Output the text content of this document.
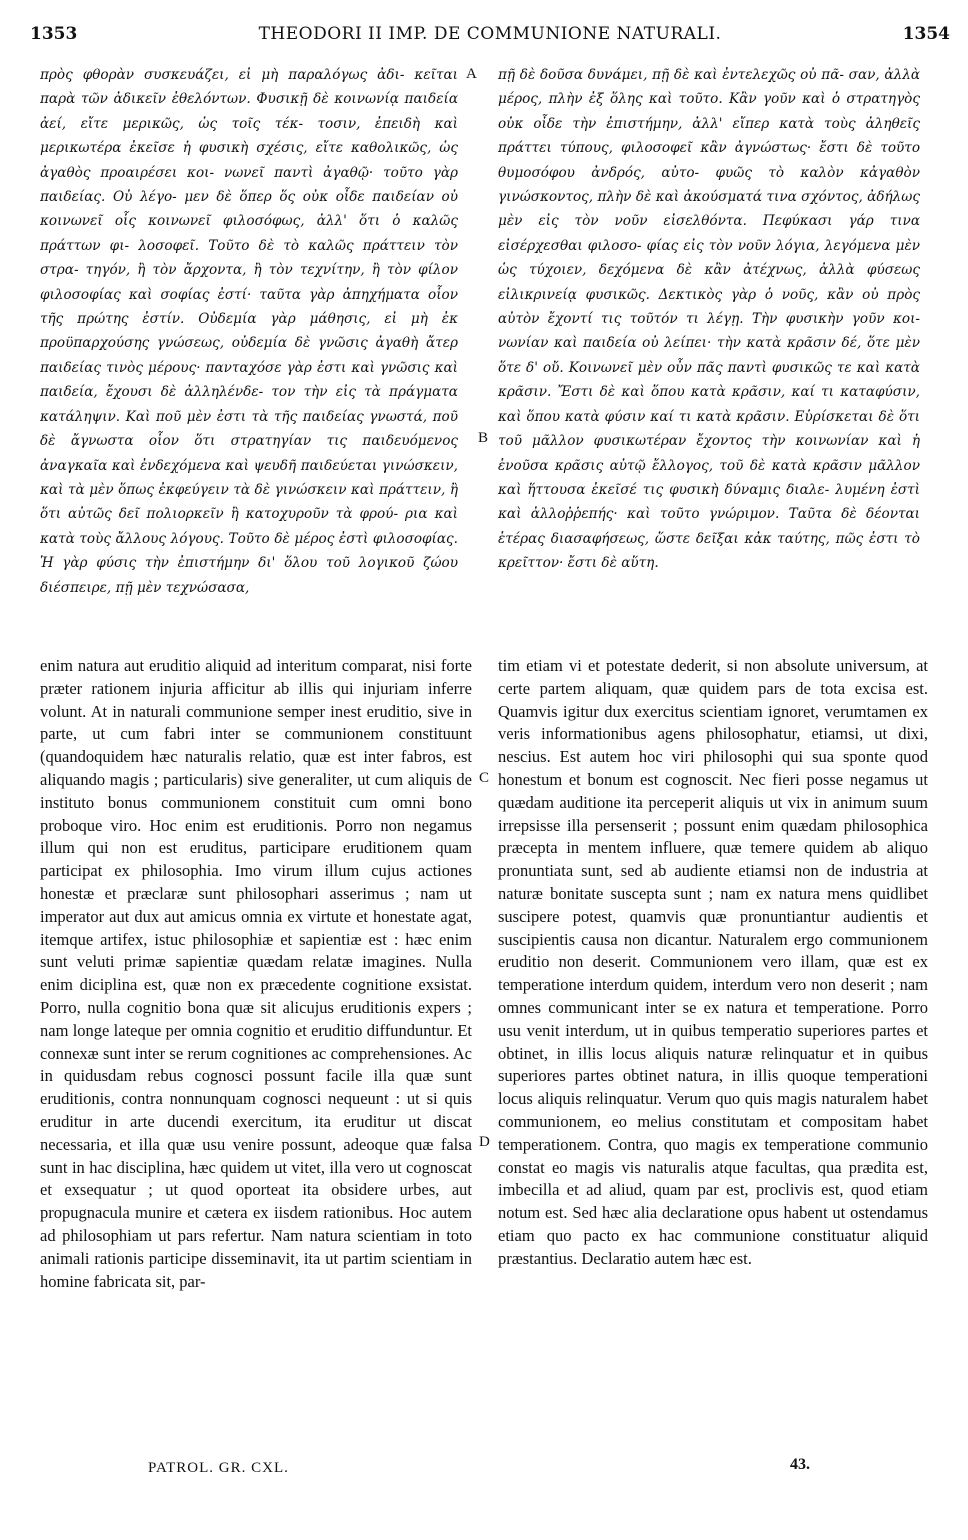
1353	THEODORI II IMP. DE COMMUNIONE NATURALI.	1354
πρὸς φθορὰν συσκευάζει, εἰ μὴ παραλόγως ἀδι- κεῖται παρὰ τῶν ἀδικεῖν ἐθελόντων. Φυσικῇ δὲ κοινωνίᾳ παιδεία ἀεί, εἴτε μερικῶς, ὡς τοῖς τέκ- τοσιν, ἐπειδὴ καὶ μερικωτέρα ἐκεῖσε ἡ φυσικὴ σχέσις, εἴτε καθολικῶς, ὡς ἀγαθὸς προαιρέσει κοι- νωνεῖ παντὶ ἀγαθῷ· τοῦτο γὰρ παιδείας. Οὐ λέγο- μεν δὲ ὅπερ ὅς οὐκ οἶδε παιδείαν οὐ κοινωνεῖ οἷς κοινωνεῖ φιλοσόφως, ἀλλ' ὅτι ὁ καλῶς πράττων φι- λοσοφεῖ. Τοῦτο δὲ τὸ καλῶς πράττειν τὸν στρα- τηγόν, ἢ τὸν ἄρχοντα, ἢ τὸν τεχνίτην, ἢ τὸν φίλον φιλοσοφίας καὶ σοφίας ἐστί· ταῦτα γὰρ ἀπηχήματα οἷον τῆς πρώτης ἐστίν. Οὐδεμία γὰρ μάθησις, εἰ μὴ ἐκ προϋπαρχούσης γνώσεως, οὐδεμία δὲ γνῶσις ἀγαθὴ ἄτερ παιδείας τινὸς μέρους· πανταχόσε γὰρ ἐστι καὶ γνῶσις καὶ παιδεία, ἔχουσι δὲ ἀλληλένδε- τον τὴν εἰς τὰ πράγματα κατάληψιν. Καὶ ποῦ μὲν ἐστι τὰ τῆς παιδείας γνωστά, ποῦ δὲ ἄγνωστα οἷον ὅτι στρατηγίαν τις παιδευόμενος ἀναγκαῖα καὶ ἐνδεχόμενα καὶ ψευδῆ παιδεύεται γινώσκειν, καὶ τὰ μὲν ὅπως ἐκφεύγειν τὰ δὲ γινώσκειν καὶ πράττειν, ἢ ὅτι αὐτῶς δεῖ πολιορκεῖν ἢ κατοχυροῦν τὰ φρού- ρια καὶ κατὰ τοὺς ἄλλους λόγους. Τοῦτο δὲ μέρος ἐστὶ φιλοσοφίας. Ἡ γὰρ φύσις τὴν ἐπιστήμην δι' ὅλου τοῦ λογικοῦ ζώου διέσπειρε, πῇ μὲν τεχνώσασα,
πῇ δὲ δοῦσα δυνάμει, πῇ δὲ καὶ ἐντελεχῶς οὐ πᾶ- σαν, ἀλλὰ μέρος, πλὴν ἐξ ὅλης καὶ τοῦτο. Κἂν γοῦν καὶ ὁ στρατηγὸς οὐκ οἶδε τὴν ἐπιστήμην, ἀλλ' εἴπερ κατὰ τοὺς ἀληθεῖς πράττει τύπους, φιλοσοφεῖ κἂν ἀγνώστως· ἔστι δὲ τοῦτο θυμοσόφου ἀνδρός, αὐτο- φυῶς τὸ καλὸν κἀγαθὸν γινώσκοντος, πλὴν δὲ καὶ ἀκούσματά τινα σχόντος, ἀδήλως μὲν εἰς τὸν νοῦν εἰσελθόντα. Πεφύκασι γάρ τινα εἰσέρχεσθαι φιλοσο- φίας εἰς τὸν νοῦν λόγια, λεγόμενα μὲν ὡς τύχοιεν, δεχόμενα δὲ κἂν ἀτέχνως, ἀλλὰ φύσεως εἰλικρινείᾳ φυσικῶς. Δεκτικὸς γὰρ ὁ νοῦς, κἂν οὐ πρὸς αὐτὸν ἔχοντί τις τοῦτόν τι λέγῃ. Τὴν φυσικὴν γοῦν κοι- νωνίαν καὶ παιδεία οὐ λείπει· τὴν κατὰ κρᾶσιν δέ, ὅτε μὲν ὅτε δ' οὔ. Κοινωνεῖ μὲν οὖν πᾶς παντὶ φυσικῶς τε καὶ κατὰ κρᾶσιν. Ἔστι δὲ καὶ ὅπου κατὰ κρᾶσιν, καί τι καταφύσιν, καὶ ὅπου κατὰ φύσιν καί τι κατὰ κρᾶσιν. Εὑρίσκεται δὲ ὅτι τοῦ μᾶλλον φυσικωτέραν ἔχοντος τὴν κοινωνίαν καὶ ἡ ἑνοῦσα κρᾶσις αὐτῷ ἔλλογος, τοῦ δὲ κατὰ κρᾶσιν μᾶλλον καὶ ἥττουσα ἐκεῖσέ τις φυσικὴ δύναμις διαλε- λυμένη ἐστὶ καὶ ἀλλοῤῥεπής· καὶ τοῦτο γνώριμον. Ταῦτα δὲ δέονται ἑτέρας διασαφήσεως, ὥστε δεῖξαι κἀκ ταύτης, πῶς ἐστι τὸ κρεῖττον· ἔστι δὲ αὕτη.
A
B
C
D
enim natura aut eruditio aliquid ad interitum comparat, nisi forte præter rationem injuria afficitur ab illis qui injuriam inferre volunt. At in naturali communione semper inest eruditio, sive in parte, ut cum fabri inter se communionem constituunt (quandoquidem hæc naturalis relatio, quæ est inter fabros, est aliquando magis ; particularis) sive generaliter, ut cum aliquis de instituto bonus communionem constituit cum omni bono proboque viro. Hoc enim est eruditionis. Porro non negamus illum qui non est eruditus, participare eruditionem quam participat ex philosophia. Imo virum illum cujus actiones honestæ et præclaræ sunt philosophari asserimus ; nam ut imperator aut dux aut amicus omnia ex virtute et honestate agat, itemque artifex, istuc philosophiæ et sapientiæ est : hæc enim sunt veluti primæ sapientiæ quædam relatæ imagines. Nulla enim diciplina est, quæ non ex præcedente cognitione exsistat. Porro, nulla cognitio bona quæ sit alicujus eruditionis expers ; nam longe lateque per omnia cognitio et eruditio diffunduntur. Et connexæ sunt inter se rerum cognitiones ac comprehensiones. Ac in quidusdam rebus cognosci possunt facile illa quæ sunt eruditionis, contra nonnunquam cognosci nequeunt : ut si quis eruditur in arte ducendi exercitum, ita eruditur ut discat necessaria, et illa quæ usu venire possunt, adeoque quæ falsa sunt in hac disciplina, hæc quidem ut vitet, illa vero ut cognoscat et exsequatur ; ut quod oporteat ita obsidere urbes, aut propugnacula munire et cætera ex iisdem rationibus. Hoc autem ad philosophiam ut pars refertur. Nam natura scientiam in toto animali rationis participe disseminavit, ita ut partim scientiam in homine fabricata sit, par-
tim etiam vi et potestate dederit, si non absolute universum, at certe partem aliquam, quæ quidem pars de tota excisa est. Quamvis igitur dux exercitus scientiam ignoret, verumtamen ex veris informationibus agens philosophatur, etiamsi, ut dixi, nescius. Est autem hoc viri philosophi qui sua sponte quod honestum et bonum est cognoscit. Nec fieri posse negamus ut quædam auditione ita perceperit aliquis ut vix in animum suum irrepsisse illa persenserit ; possunt enim quædam philosophica præcepta in mentem influere, quæ temere quidem ab aliquo pronuntiata sunt, sed ab audiente etiamsi non de industria at naturæ bonitate suscepta sunt ; nam ex natura mens quidlibet suscipere potest, quamvis quæ pronuntiantur audientis et suscipientis causa non dicantur. Naturalem ergo communionem eruditio non deserit. Communionem vero illam, quæ est ex temperatione interdum quidem, interdum vero non deserit ; nam omnes communicant inter se ex natura et temperatione. Porro usu venit interdum, ut in quibus temperatio superiores partes et obtinet, in illis locus aliquis naturæ relinquatur et in quibus superiores partes obtinet natura, in illis quoque temperationi locus aliquis relinquatur. Verum quo quis magis naturalem habet communionem, eo melius constitutam et compositam habet temperationem. Contra, quo magis ex temperatione communio constat eo magis vis naturalis atque facultas, qua prædita est, imbecilla et ad aliud, quam par est, proclivis est, quod etiam notum est. Sed hæc alia declaratione opus habent ut ostendamus etiam quo pacto ex hac communione constituatur aliquid præstantius. Declaratio autem hæc est.
PATROL. GR. CXL.	43.
